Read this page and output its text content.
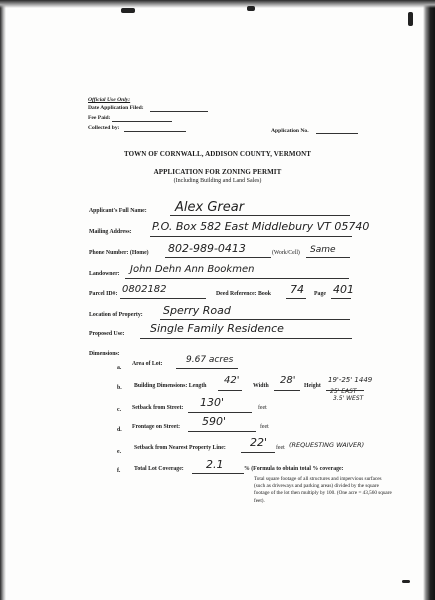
Official Use Only:
Date Application Filed:
Fee Paid:
Collected by:	Application No.
TOWN OF CORNWALL, ADDISON COUNTY, VERMONT
APPLICATION FOR ZONING PERMIT
(Including Building and Land Sales)
Applicant's Full Name: Alex Grear
Mailing Address: P.O. Box 582 East Middlebury VT 05740
Phone Number: (Home) 802-989-0413	(Work/Cell) Same
Landowner: John Dehn Ann Bookmen
Parcel ID#: 0802182	Deed Reference: Book 74 Page 401
Location of Property: Sperry Road
Proposed Use: Single Family Residence
Dimensions:
a.
Area of Lot:	9.67 acres
b. Building Dimensions: Length 42' Width 28' Height
19'-25' 1449
25' EAST
3.5' WEST
c. Setback from Street: 130'	feet
d. Frontage on Street: 590'	feet
e.
Setback from Nearest Property Line: 22' feet (REQUESTING WAIVER)
f. Total Lot Coverage: 2.1	% (Formula to obtain total % coverage:
Total square footage of all structures and impervious surfaces (such as driveways and parking areas) divided by the square footage of the lot then multiply by 100. (One acre = 43,560 square feet).
